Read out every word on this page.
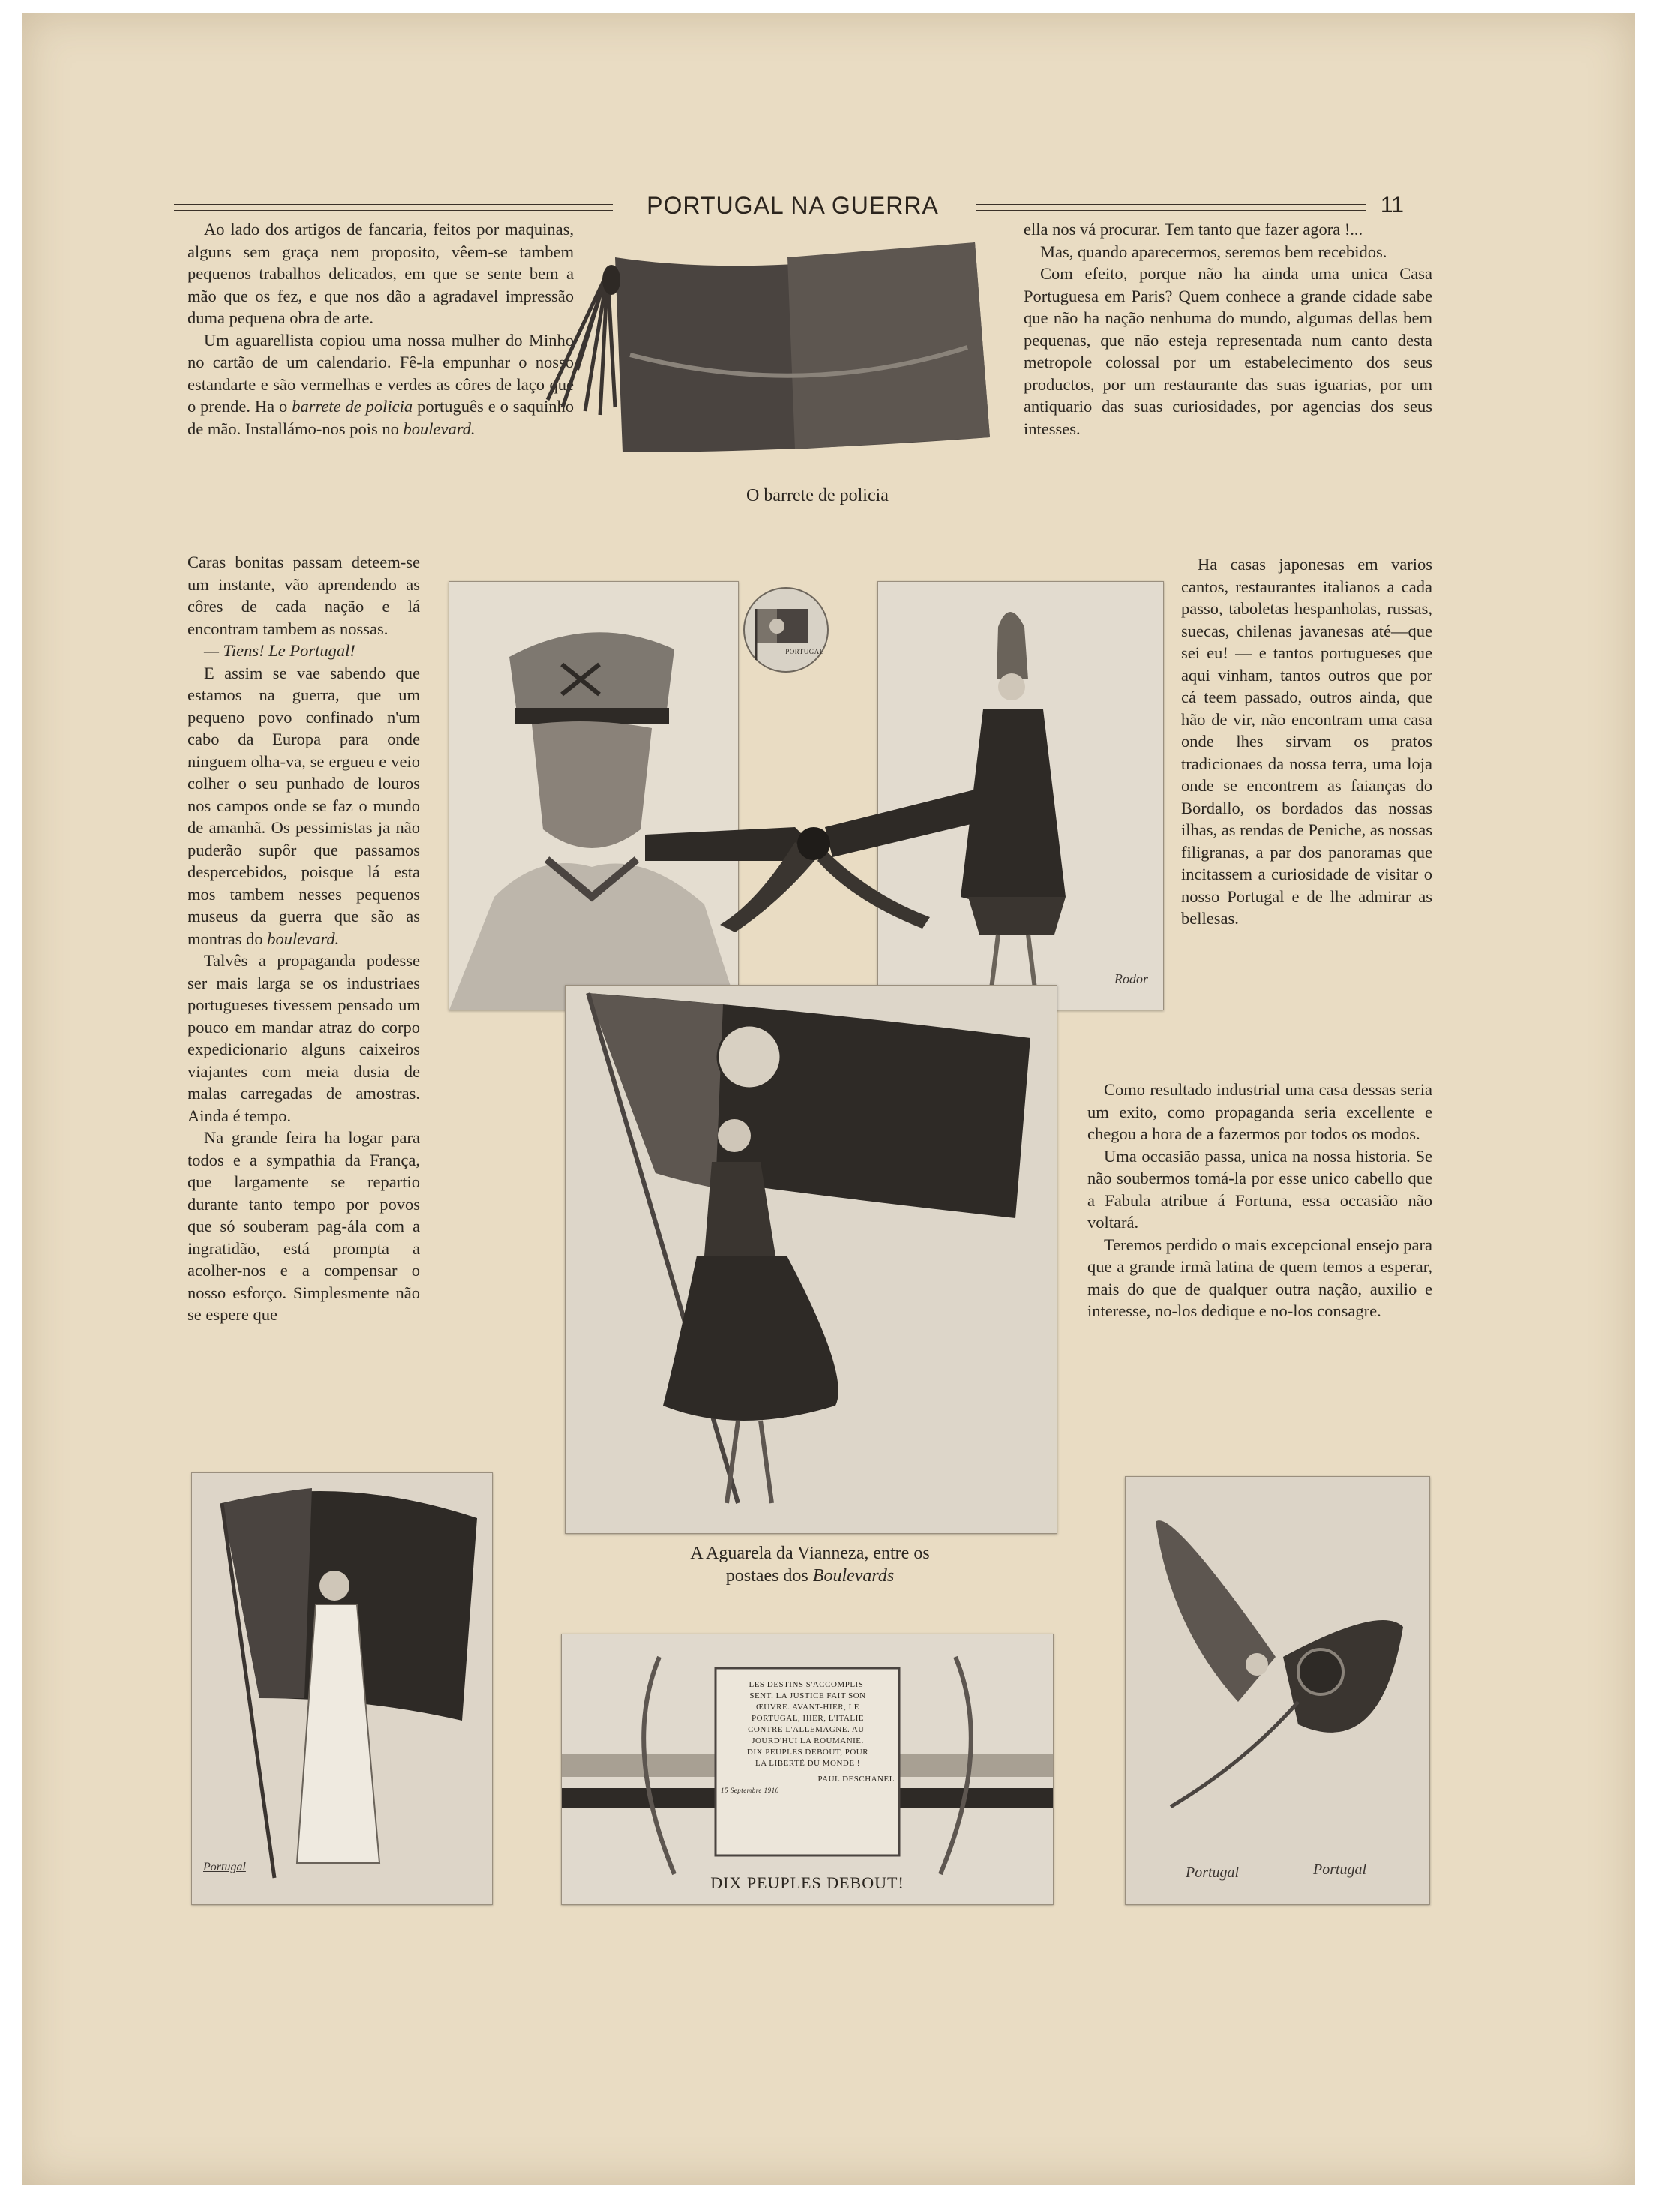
PORTUGAL NA GUERRA	11

Ao lado dos artigos de fancaria, feitos por maquinas, alguns sem graça nem proposito, vêem-se tambem pequenos trabalhos delicados, em que se sente bem a mão que os fez, e que nos dão a agradavel impressão duma pequena obra de arte.

Um aguarellista copiou uma nossa mulher do Minho no cartão de um calendario. Fê-la empunhar o nosso estandarte e são vermelhas e verdes as côres de laço que o prende. Ha o barrete de policia português e o saquinho de mão. Installámo-nos pois no boulevard.

Caras bonitas passam deteem-se um instante, vão aprendendo as côres de cada nação e lá encontram tambem as nossas.

— Tiens! Le Portugal!

E assim se vae sabendo que estamos na guerra, que um pequeno povo confinado n'um cabo da Europa para onde ninguem olha-va, se ergueu e veio colher o seu punhado de louros nos campos onde se faz o mundo de amanhã. Os pessimistas ja não puderão supôr que passamos despercebidos, poisque lá esta mos tambem nesses pequenos museus da guerra que são as montras do boulevard.

Talvês a propaganda podesse ser mais larga se os industriaes portugueses tivessem pensado um pouco em mandar atraz do corpo expedicionario alguns caixeiros viajantes com meia dusia de malas carregadas de amostras. Ainda é tempo.

Na grande feira ha logar para todos e a sympathia da França, que largamente se repartio durante tanto tempo por povos que só souberam pag-ála com a ingratidão, está prompta a acolher-nos e a compensar o nosso esforço. Simplesmente não se espere que

ella nos vá procurar. Tem tanto que fazer agora !...

Mas, quando aparecermos, seremos bem recebidos.

Com efeito, porque não ha ainda uma unica Casa Portuguesa em Paris? Quem conhece a grande cidade sabe que não ha nação nenhuma do mundo, algumas dellas bem pequenas, que não esteja representada num canto desta metropole colossal por um estabelecimento dos seus productos, por um restaurante das suas iguarias, por um antiquario das suas curiosidades, por agencias dos seus intesses.

Ha casas japonesas em varios cantos, restaurantes italianos a cada passo, taboletas hespanholas, russas, suecas, chilenas javanesas até—que sei eu! — e tantos portugueses que aqui vinham, tantos outros que por cá teem passado, outros ainda, que hão de vir, não encontram uma casa onde lhes sirvam os pratos tradicionaes da nossa terra, uma loja onde se encontrem as faianças do Bordallo, os bordados das nossas ilhas, as rendas de Peniche, as nossas filigranas, a par dos panoramas que incitassem a curiosidade de visitar o nosso Portugal e de lhe admirar as bellesas.

Como resultado industrial uma casa dessas seria um exito, como propaganda seria excellente e chegou a hora de a fazermos por todos os modos.

Uma occasião passa, unica na nossa historia. Se não soubermos tomá-la por esse unico cabello que a Fabula atribue á Fortuna, essa occasião não voltará.

Teremos perdido o mais excepcional ensejo para que a grande irmã latina de quem temos a esperar, mais do que de qualquer outra nação, auxilio e interesse, no-los dedique e no-los consagre.

O barrete de policia
PORTUGAL
Rodor
A Aguarela da Vianneza, entre os
postaes dos Boulevards
Portugal
LES DESTINS S'ACCOMPLIS-
SENT. LA JUSTICE FAIT SON
ŒUVRE. AVANT-HIER, LE
PORTUGAL, HIER, L'ITALIE
CONTRE L'ALLEMAGNE. AU-
JOURD'HUI LA ROUMANIE.
DIX PEUPLES DEBOUT, POUR
LA LIBERTÉ DU MONDE !
PAUL DESCHANEL
15 Septembre 1916
DIX PEUPLES DEBOUT!
Portugal	Portugal
